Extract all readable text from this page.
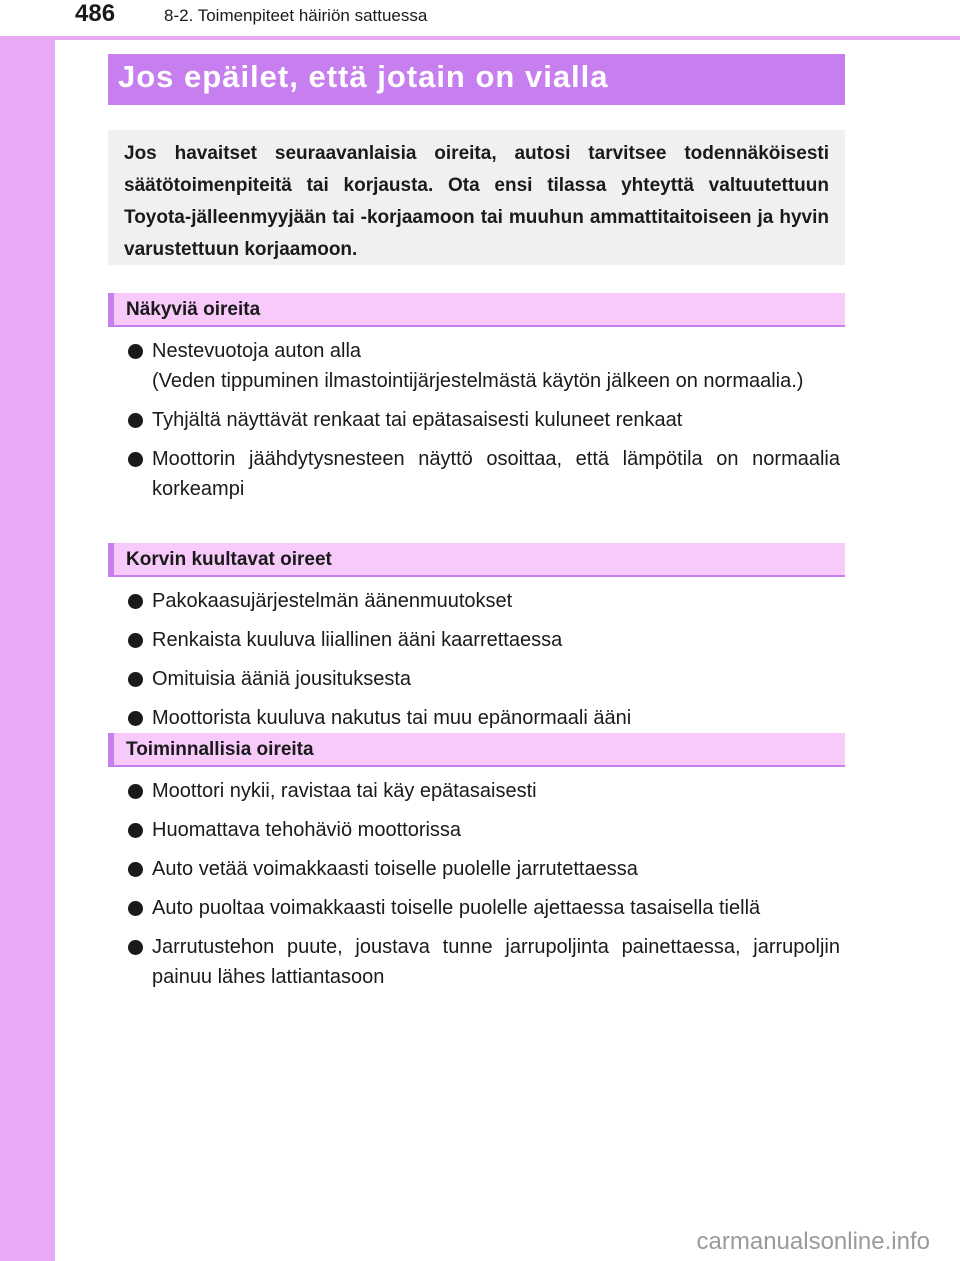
486	8-2. Toimenpiteet häiriön sattuessa
Jos epäilet, että jotain on vialla

Jos havaitset seuraavanlaisia oireita, autosi tarvitsee todennäköisesti säätötoimenpiteitä tai korjausta. Ota ensi tilassa yhteyttä valtuutettuun Toyota-jälleenmyyjään tai -korjaamoon tai muuhun ammattitaitoiseen ja hyvin varustettuun korjaamoon.

Näkyviä oireita
Nestevuotoja auton alla
(Veden tippuminen ilmastointijärjestelmästä käytön jälkeen on normaalia.)
Tyhjältä näyttävät renkaat tai epätasaisesti kuluneet renkaat
Moottorin jäähdytysnesteen näyttö osoittaa, että lämpötila on normaalia korkeampi
Korvin kuultavat oireet
Pakokaasujärjestelmän äänenmuutokset
Renkaista kuuluva liiallinen ääni kaarrettaessa
Omituisia ääniä jousituksesta
Moottorista kuuluva nakutus tai muu epänormaali ääni
Toiminnallisia oireita
Moottori nykii, ravistaa tai käy epätasaisesti
Huomattava tehohäviö moottorissa
Auto vetää voimakkaasti toiselle puolelle jarrutettaessa
Auto puoltaa voimakkaasti toiselle puolelle ajettaessa tasaisella tiellä
Jarrutustehon puute, joustava tunne jarrupoljinta painettaessa, jarrupoljin painuu lähes lattiantasoon
carmanualsonline.info
